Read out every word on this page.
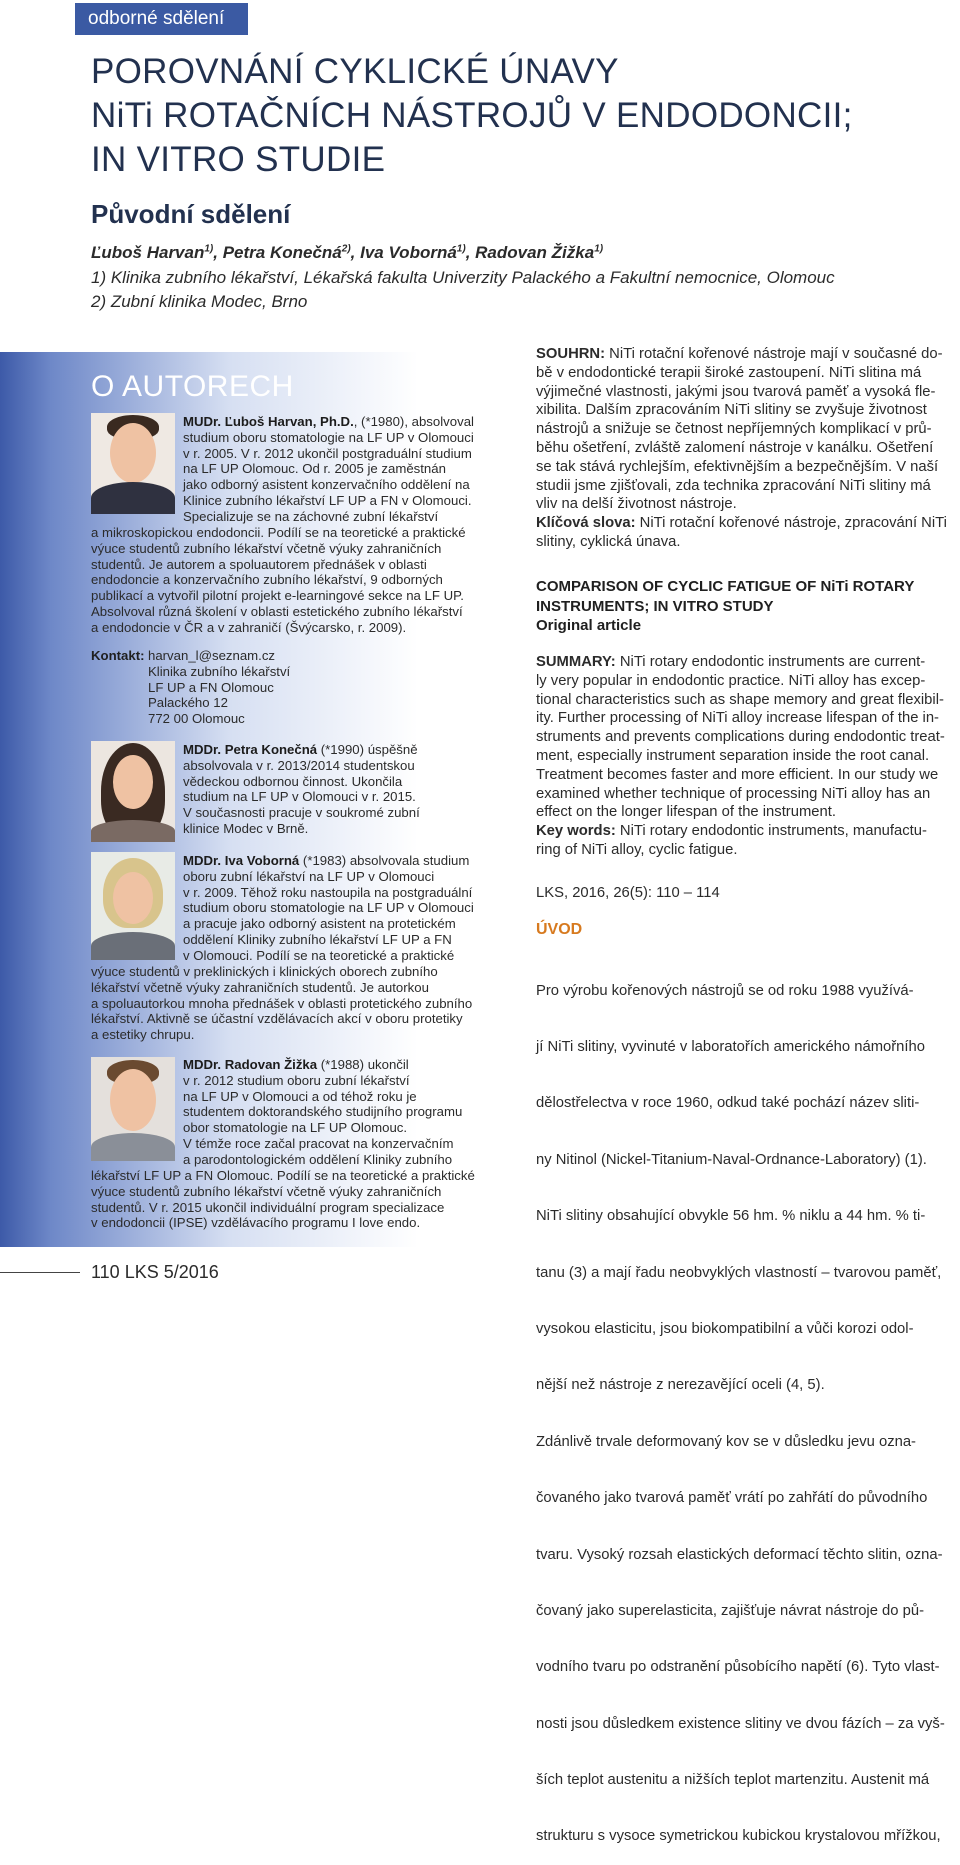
odborné sdělení
POROVNÁNÍ CYKLICKÉ ÚNAVY
NiTi ROTAČNÍCH NÁSTROJŮ V ENDODONCII;
IN VITRO STUDIE
Původní sdělení
Ľuboš Harvan$^{1)}$, Petra Konečná$^{2)}$, Iva Voborná$^{1)}$, Radovan Žižka$^{1)}$
1) Klinika zubního lékařství, Lékařská fakulta Univerzity Palackého a Fakultní nemocnice, Olomouc
2) Zubní klinika Modec, Brno
O AUTORECH
MUDr. Ľuboš Harvan, Ph.D., (*1980), absolvoval
studium oboru stomatologie na LF UP v Olomouci
v r. 2005. V r. 2012 ukončil postgraduální studium
na LF UP Olomouc. Od r. 2005 je zaměstnán
jako odborný asistent konzervačního oddělení na
Klinice zubního lékařství LF UP a FN v Olomouci.
Specializuje se na záchovné zubní lékařství
a mikroskopickou endodoncii. Podílí se na teoretické a praktické
výuce studentů zubního lékařství včetně výuky zahraničních
studentů. Je autorem a spoluautorem přednášek v oblasti
endodoncie a konzervačního zubního lékařství, 9 odborných
publikací a vytvořil pilotní projekt e-learningové sekce na LF UP.
Absolvoval různá školení v oblasti estetického zubního lékařství
a endodoncie v ČR a v zahraničí (Švýcarsko, r. 2009).
Kontakt: harvan_l@seznam.cz
Klinika zubního lékařství
LF UP a FN Olomouc
Palackého 12
772 00 Olomouc
MDDr. Petra Konečná (*1990) úspěšně
absolvovala v r. 2013/2014 studentskou
vědeckou odbornou činnost. Ukončila
studium na LF UP v Olomouci v r. 2015.
V současnosti pracuje v soukromé zubní
klinice Modec v Brně.
MDDr. Iva Voborná (*1983) absolvovala studium
oboru zubní lékařství na LF UP v Olomouci
v r. 2009. Těhož roku nastoupila na postgraduální
studium oboru stomatologie na LF UP v Olomouci
a pracuje jako odborný asistent na protetickém
oddělení Kliniky zubního lékařství LF UP a FN
v Olomouci. Podílí se na teoretické a praktické
výuce studentů v preklinických i klinických oborech zubního
lékařství včetně výuky zahraničních studentů. Je autorkou
a spoluautorkou mnoha přednášek v oblasti protetického zubního
lékařství. Aktivně se účastní vzdělávacích akcí v oboru protetiky
a estetiky chrupu.
MDDr. Radovan Žižka (*1988) ukončil
v r. 2012 studium oboru zubní lékařství
na LF UP v Olomouci a od téhož roku je
studentem doktorandského studijního programu
obor stomatologie na LF UP Olomouc.
V témže roce začal pracovat na konzervačním
a parodontologickém oddělení Kliniky zubního
lékařství LF UP a FN Olomouc. Podílí se na teoretické a praktické
výuce studentů zubního lékařství včetně výuky zahraničních
studentů. V r. 2015 ukončil individuální program specializace
v endodoncii (IPSE) vzdělávacího programu I love endo.
110 LKS 5/2016
SOUHRN: NiTi rotační kořenové nástroje mají v současné do-
bě v endodontické terapii široké zastoupení. NiTi slitina má
výjimečné vlastnosti, jakými jsou tvarová paměť a vysoká fle-
xibilita. Dalším zpracováním NiTi slitiny se zvyšuje životnost
nástrojů a snižuje se četnost nepříjemných komplikací v prů-
běhu ošetření, zvláště zalomení nástroje v kanálku. Ošetření
se tak stává rychlejším, efektivnějším a bezpečnějším. V naší
studii jsme zjišťovali, zda technika zpracování NiTi slitiny má
vliv na delší životnost nástroje.
Klíčová slova: NiTi rotační kořenové nástroje, zpracování NiTi
slitiny, cyklická únava.
COMPARISON OF CYCLIC FATIGUE OF NiTi ROTARY
INSTRUMENTS; IN VITRO STUDY
Original article
SUMMARY: NiTi rotary endodontic instruments are current-
ly very popular in endodontic practice. NiTi alloy has excep-
tional characteristics such as shape memory and great flexibil-
ity. Further processing of NiTi alloy increase lifespan of the in-
struments and prevents complications during endodontic treat-
ment, especially instrument separation inside the root canal.
Treatment becomes faster and more efficient. In our study we
examined whether technique of processing NiTi alloy has an
effect on the longer lifespan of the instrument.
Key words: NiTi rotary endodontic instruments, manufactu-
ring of NiTi alloy, cyclic fatigue.
LKS, 2016, 26(5): 110 – 114
ÚVOD

Pro výrobu kořenových nástrojů se od roku 1988 využívá-

jí NiTi slitiny, vyvinuté v laboratořích amerického námořního

dělostřelectva v roce 1960, odkud také pochází název sliti-

ny Nitinol (Nickel-Titanium-Naval-Ordnance-Laboratory) (1).

NiTi slitiny obsahující obvykle 56 hm. % niklu a 44 hm. % ti-

tanu (3) a mají řadu neobvyklých vlastností – tvarovou paměť,

vysokou elasticitu, jsou biokompatibilní a vůči korozi odol-

nější než nástroje z nerezavějící oceli (4, 5).

Zdánlivě trvale deformovaný kov se v důsledku jevu ozna-

čovaného jako tvarová paměť vrátí po zahřátí do původního

tvaru. Vysoký rozsah elastických deformací těchto slitin, ozna-

čovaný jako superelasticita, zajišťuje návrat nástroje do pů-

vodního tvaru po odstranění působícího napětí (6). Tyto vlast-

nosti jsou důsledkem existence slitiny ve dvou fázích – za vyš-

ších teplot austenitu a nižších teplot martenzitu. Austenit má

strukturu s vysoce symetrickou kubickou krystalovou mřížkou,
